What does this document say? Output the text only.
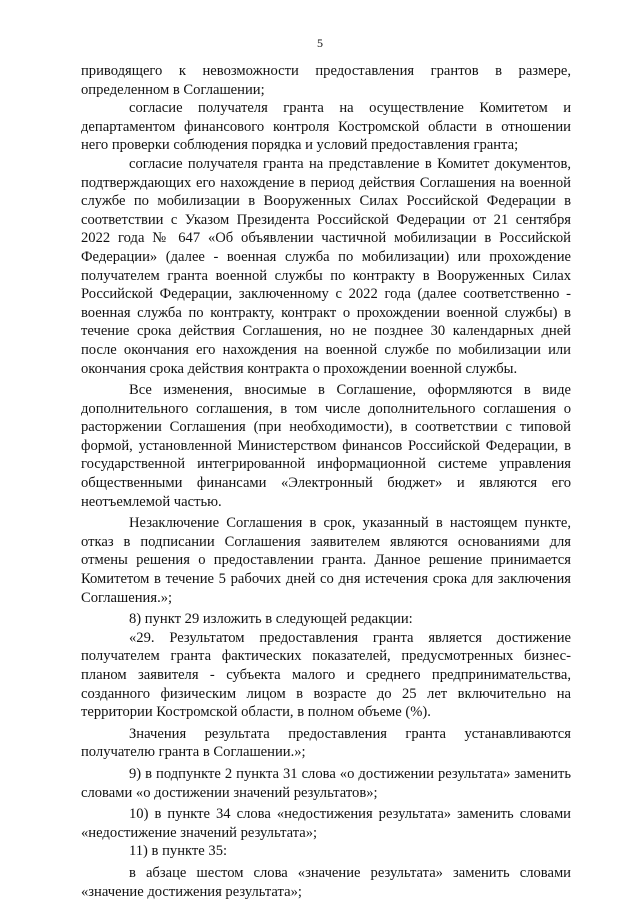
5

приводящего к невозможности предоставления грантов в размере, определенном в Соглашении;

согласие получателя гранта на осуществление Комитетом и департаментом финансового контроля Костромской области в отношении него проверки соблюдения порядка и условий предоставления гранта;

согласие получателя гранта на представление в Комитет документов, подтверждающих его нахождение в период действия Соглашения на военной службе по мобилизации в Вооруженных Силах Российской Федерации в соответствии с Указом Президента Российской Федерации от 21 сентября 2022 года № 647 «Об объявлении частичной мобилизации в Российской Федерации» (далее - военная служба по мобилизации) или прохождение получателем гранта военной службы по контракту в Вооруженных Силах Российской Федерации, заключенному с 2022 года (далее соответственно - военная служба по контракту, контракт о прохождении военной службы) в течение срока действия Соглашения, но не позднее 30 календарных дней после окончания его нахождения на военной службе по мобилизации или окончания срока действия контракта о прохождении военной службы.

Все изменения, вносимые в Соглашение, оформляются в виде дополнительного соглашения, в том числе дополнительного соглашения о расторжении Соглашения (при необходимости), в соответствии с типовой формой, установленной Министерством финансов Российской Федерации, в государственной интегрированной информационной системе управления общественными финансами «Электронный бюджет» и являются его неотъемлемой частью.

Незаключение Соглашения в срок, указанный в настоящем пункте, отказ в подписании Соглашения заявителем являются основаниями для отмены решения о предоставлении гранта. Данное решение принимается Комитетом в течение 5 рабочих дней со дня истечения срока для заключения Соглашения.»;

8) пункт 29 изложить в следующей редакции:

«29. Результатом предоставления гранта является достижение получателем гранта фактических показателей, предусмотренных бизнес-планом заявителя - субъекта малого и среднего предпринимательства, созданного физическим лицом в возрасте до 25 лет включительно на территории Костромской области, в полном объеме (%).

Значения результата предоставления гранта устанавливаются получателю гранта в Соглашении.»;

9) в подпункте 2 пункта 31 слова «о достижении результата» заменить словами «о достижении значений результатов»;

10) в пункте 34 слова «недостижения результата» заменить словами «недостижение значений результата»;

11) в пункте 35:

в абзаце шестом слова «значение результата» заменить словами «значение достижения результата»;
